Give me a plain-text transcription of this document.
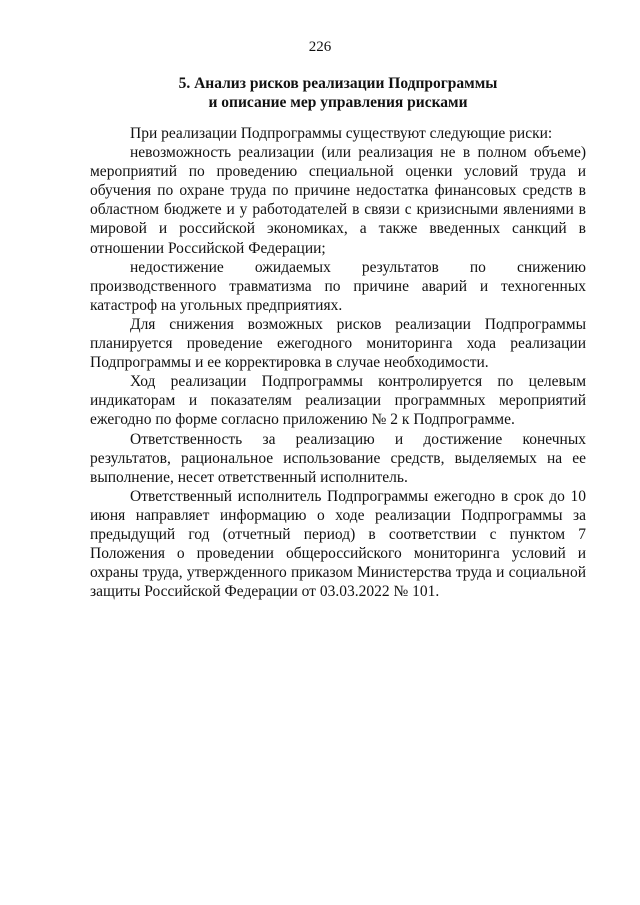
226
5. Анализ рисков реализации Подпрограммы
и описание мер управления рисками

При реализации Подпрограммы существуют следующие риски:

невозможность реализации (или реализация не в полном объеме) мероприятий по проведению специальной оценки условий труда и обучения по охране труда по причине недостатка финансовых средств в областном бюджете и у работодателей в связи с кризисными явлениями в мировой и российской экономиках, а также введенных санкций в отношении Российской Федерации;

недостижение ожидаемых результатов по снижению производственного травматизма по причине аварий и техногенных катастроф на угольных предприятиях.

Для снижения возможных рисков реализации Подпрограммы планируется проведение ежегодного мониторинга хода реализации Подпрограммы и ее корректировка в случае необходимости.

Ход реализации Подпрограммы контролируется по целевым индикаторам и показателям реализации программных мероприятий ежегодно по форме согласно приложению № 2 к Подпрограмме.

Ответственность за реализацию и достижение конечных результатов, рациональное использование средств, выделяемых на ее выполнение, несет ответственный исполнитель.

Ответственный исполнитель Подпрограммы ежегодно в срок до 10 июня направляет информацию о ходе реализации Подпрограммы за предыдущий год (отчетный период) в соответствии с пунктом 7 Положения о проведении общероссийского мониторинга условий и охраны труда, утвержденного приказом Министерства труда и социальной защиты Российской Федерации от 03.03.2022 № 101.
